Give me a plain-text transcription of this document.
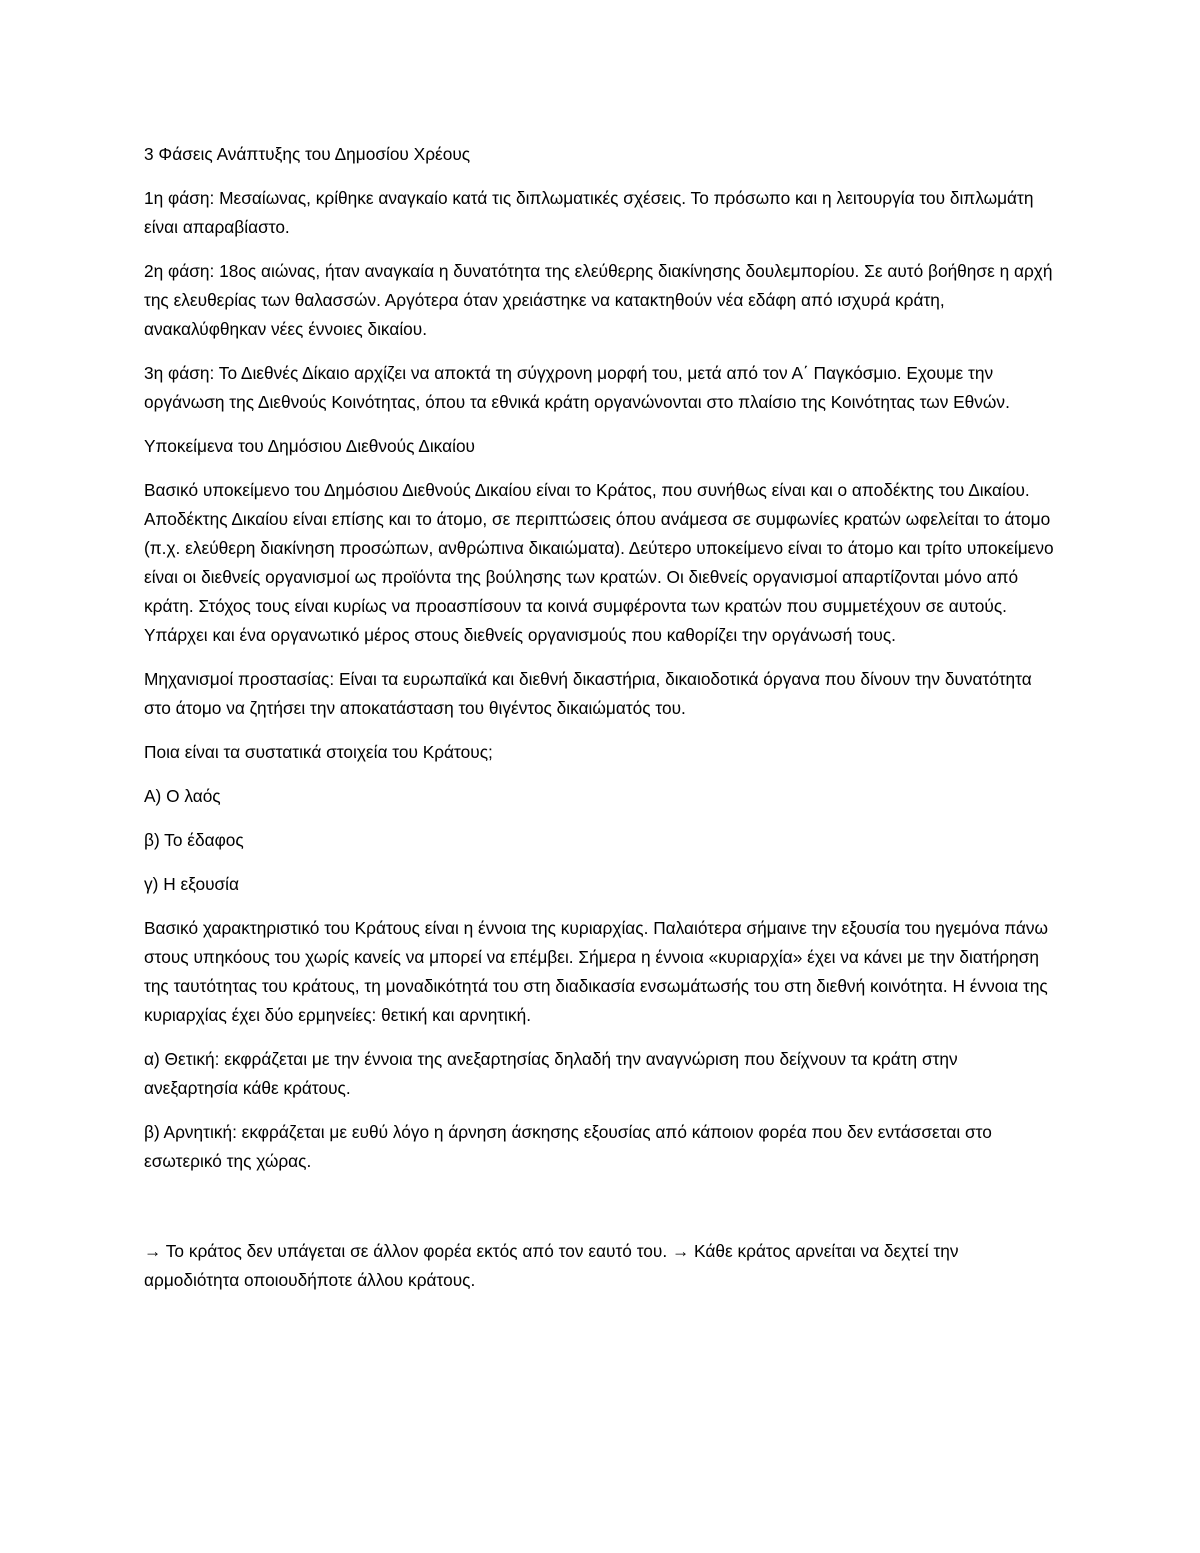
3 Φάσεις Ανάπτυξης του Δημοσίου Χρέους

1η φάση: Μεσαίωνας, κρίθηκε αναγκαίο κατά τις διπλωματικές σχέσεις. Το πρόσωπο και η λειτουργία του διπλωμάτη είναι απαραβίαστο.

2η φάση: 18ος αιώνας, ήταν αναγκαία η δυνατότητα της ελεύθερης διακίνησης δουλεμπορίου. Σε αυτό βοήθησε η αρχή της ελευθερίας των θαλασσών. Αργότερα όταν χρειάστηκε να κατακτηθούν νέα εδάφη από ισχυρά κράτη, ανακαλύφθηκαν νέες έννοιες δικαίου.

3η φάση: Το Διεθνές Δίκαιο αρχίζει να αποκτά τη σύγχρονη μορφή του, μετά από τον Α΄ Παγκόσμιο. Εχουμε την οργάνωση της Διεθνούς Κοινότητας, όπου τα εθνικά κράτη οργανώνονται στο πλαίσιο της Κοινότητας των Εθνών.

Υποκείμενα του Δημόσιου Διεθνούς Δικαίου

Βασικό υποκείμενο του Δημόσιου Διεθνούς Δικαίου είναι το Κράτος, που συνήθως είναι και ο αποδέκτης του Δικαίου. Αποδέκτης Δικαίου είναι επίσης και το άτομο, σε περιπτώσεις όπου ανάμεσα σε συμφωνίες κρατών ωφελείται το άτομο (π.χ. ελεύθερη διακίνηση προσώπων, ανθρώπινα δικαιώματα). Δεύτερο υποκείμενο είναι το άτομο και τρίτο υποκείμενο είναι οι διεθνείς οργανισμοί ως προϊόντα της βούλησης των κρατών. Οι διεθνείς οργανισμοί απαρτίζονται μόνο από κράτη. Στόχος τους είναι κυρίως να προασπίσουν τα κοινά συμφέροντα των κρατών που συμμετέχουν σε αυτούς. Υπάρχει και ένα οργανωτικό μέρος στους διεθνείς οργανισμούς που καθορίζει την οργάνωσή τους.

Μηχανισμοί προστασίας: Είναι τα ευρωπαϊκά και διεθνή δικαστήρια, δικαιοδοτικά όργανα που δίνουν την δυνατότητα στο άτομο να ζητήσει την αποκατάσταση του θιγέντος δικαιώματός του.

Ποια είναι τα συστατικά στοιχεία του Κράτους;

Α) Ο λαός

β) Το έδαφος

γ) Η εξουσία

Βασικό χαρακτηριστικό του Κράτους είναι η έννοια της κυριαρχίας. Παλαιότερα σήμαινε την εξουσία του ηγεμόνα πάνω στους υπηκόους του χωρίς κανείς να μπορεί να επέμβει. Σήμερα η έννοια «κυριαρχία» έχει να κάνει με την διατήρηση της ταυτότητας του κράτους, τη μοναδικότητά του στη διαδικασία ενσωμάτωσής του στη διεθνή κοινότητα. Η έννοια της κυριαρχίας έχει δύο ερμηνείες: θετική και αρνητική.

α) Θετική: εκφράζεται με την έννοια της ανεξαρτησίας δηλαδή την αναγνώριση που δείχνουν τα κράτη στην ανεξαρτησία κάθε κράτους.

β) Αρνητική: εκφράζεται με ευθύ λόγο η άρνηση άσκησης εξουσίας από κάποιον φορέα που δεν εντάσσεται στο εσωτερικό της χώρας.

→ Το κράτος δεν υπάγεται σε άλλον φορέα εκτός από τον εαυτό του. → Κάθε κράτος αρνείται να δεχτεί την αρμοδιότητα οποιουδήποτε άλλου κράτους.
